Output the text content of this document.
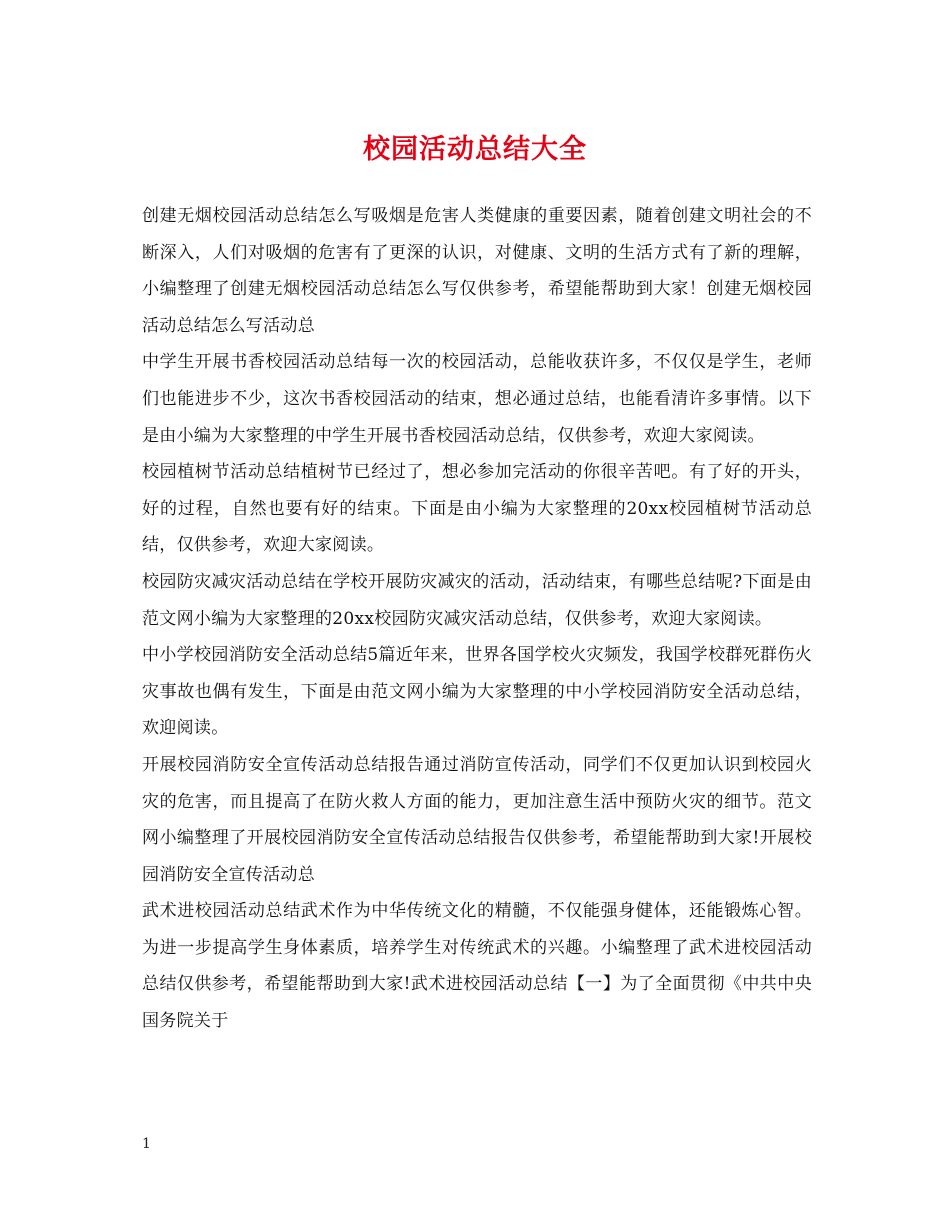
校园活动总结大全

创建无烟校园活动总结怎么写吸烟是危害人类健康的重要因素，随着创建文明社会的不断深入，人们对吸烟的危害有了更深的认识，对健康、文明的生活方式有了新的理解，小编整理了创建无烟校园活动总结怎么写仅供参考，希望能帮助到大家！创建无烟校园活动总结怎么写活动总

中学生开展书香校园活动总结每一次的校园活动，总能收获许多，不仅仅是学生，老师们也能进步不少，这次书香校园活动的结束，想必通过总结，也能看清许多事情。以下是由小编为大家整理的中学生开展书香校园活动总结，仅供参考，欢迎大家阅读。

校园植树节活动总结植树节已经过了，想必参加完活动的你很辛苦吧。有了好的开头，好的过程，自然也要有好的结束。下面是由小编为大家整理的20xx校园植树节活动总结，仅供参考，欢迎大家阅读。

校园防灾减灾活动总结在学校开展防灾减灾的活动，活动结束，有哪些总结呢?下面是由范文网小编为大家整理的20xx校园防灾减灾活动总结，仅供参考，欢迎大家阅读。

中小学校园消防安全活动总结5篇近年来，世界各国学校火灾频发，我国学校群死群伤火灾事故也偶有发生，下面是由范文网小编为大家整理的中小学校园消防安全活动总结，欢迎阅读。

开展校园消防安全宣传活动总结报告通过消防宣传活动，同学们不仅更加认识到校园火灾的危害，而且提高了在防火救人方面的能力，更加注意生活中预防火灾的细节。范文网小编整理了开展校园消防安全宣传活动总结报告仅供参考，希望能帮助到大家!开展校园消防安全宣传活动总

武术进校园活动总结武术作为中华传统文化的精髓，不仅能强身健体，还能锻炼心智。为进一步提高学生身体素质，培养学生对传统武术的兴趣。小编整理了武术进校园活动总结仅供参考，希望能帮助到大家!武术进校园活动总结【一】为了全面贯彻《中共中央国务院关于

1
